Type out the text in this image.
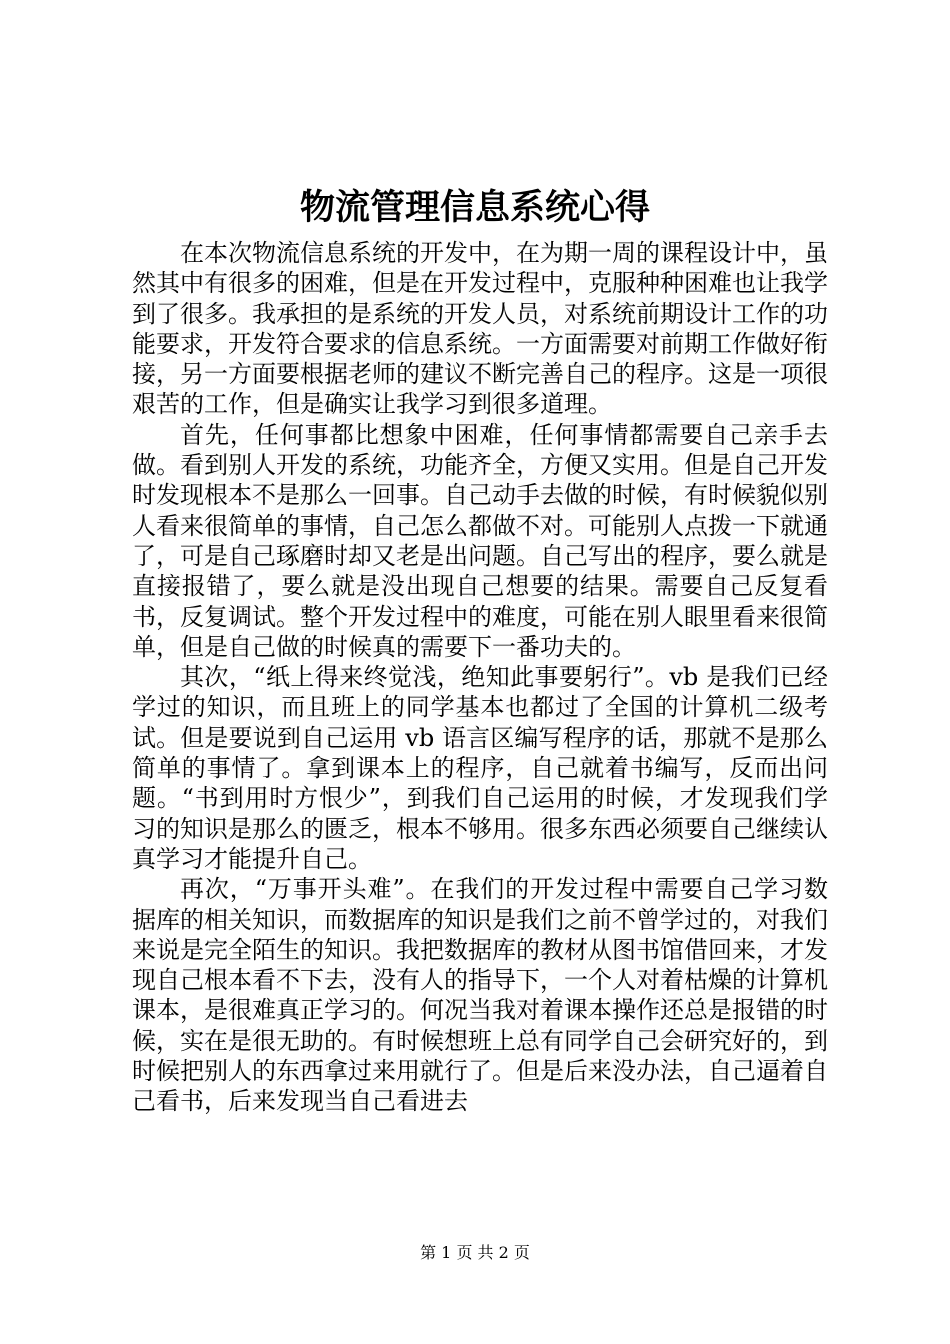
物流管理信息系统心得

在本次物流信息系统的开发中，在为期一周的课程设计中，虽然其中有很多的困难，但是在开发过程中，克服种种困难也让我学到了很多。我承担的是系统的开发人员，对系统前期设计工作的功能要求，开发符合要求的信息系统。一方面需要对前期工作做好衔接，另一方面要根据老师的建议不断完善自己的程序。这是一项很艰苦的工作，但是确实让我学习到很多道理。

首先，任何事都比想象中困难，任何事情都需要自己亲手去做。看到别人开发的系统，功能齐全，方便又实用。但是自己开发时发现根本不是那么一回事。自己动手去做的时候，有时候貌似别人看来很简单的事情，自己怎么都做不对。可能别人点拨一下就通了，可是自己琢磨时却又老是出问题。自己写出的程序，要么就是直接报错了，要么就是没出现自己想要的结果。需要自己反复看书，反复调试。整个开发过程中的难度，可能在别人眼里看来很简单，但是自己做的时候真的需要下一番功夫的。

其次，“纸上得来终觉浅，绝知此事要躬行”。vb 是我们已经学过的知识，而且班上的同学基本也都过了全国的计算机二级考试。但是要说到自己运用 vb 语言区编写程序的话，那就不是那么简单的事情了。拿到课本上的程序，自己就着书编写，反而出问题。“书到用时方恨少”，到我们自己运用的时候，才发现我们学习的知识是那么的匮乏，根本不够用。很多东西必须要自己继续认真学习才能提升自己。

再次，“万事开头难”。在我们的开发过程中需要自己学习数据库的相关知识，而数据库的知识是我们之前不曾学过的，对我们来说是完全陌生的知识。我把数据库的教材从图书馆借回来，才发现自己根本看不下去，没有人的指导下，一个人对着枯燥的计算机课本，是很难真正学习的。何况当我对着课本操作还总是报错的时候，实在是很无助的。有时候想班上总有同学自己会研究好的，到时候把别人的东西拿过来用就行了。但是后来没办法，自己逼着自己看书，后来发现当自己看进去

第 1 页 共 2 页
